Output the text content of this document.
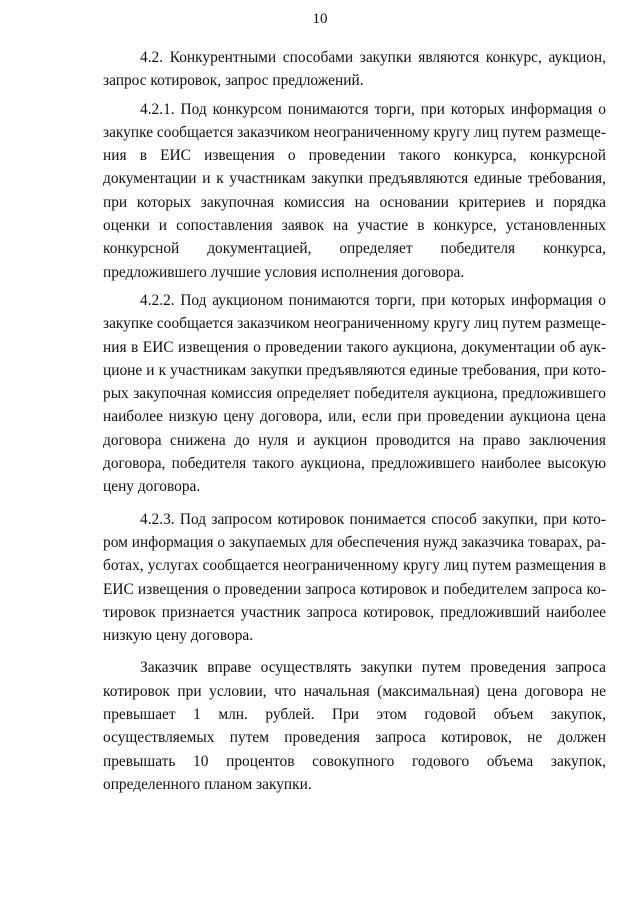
10

4.2. Конкурентными способами закупки являются конкурс, аукцион, запрос котировок, запрос предложений.

4.2.1. Под конкурсом понимаются торги, при которых информация о закупке сообщается заказчиком неограниченному кругу лиц путем размещения в ЕИС извещения о проведении такого конкурса, конкурсной документации и к участникам закупки предъявляются единые требования, при которых закупочная комиссия на основании критериев и порядка оценки и сопоставления заявок на участие в конкурсе, установленных конкурсной документацией, определяет победителя конкурса, предложившего лучшие условия исполнения договора.

4.2.2. Под аукционом понимаются торги, при которых информация о закупке сообщается заказчиком неограниченному кругу лиц путем размещения в ЕИС извещения о проведении такого аукциона, документации об аукционе и к участникам закупки предъявляются единые требования, при которых закупочная комиссия определяет победителя аукциона, предложившего наиболее низкую цену договора, или, если при проведении аукциона цена договора снижена до нуля и аукцион проводится на право заключения договора, победителя такого аукциона, предложившего наиболее высокую цену договора.

4.2.3. Под запросом котировок понимается способ закупки, при котором информация о закупаемых для обеспечения нужд заказчика товарах, работах, услугах сообщается неограниченному кругу лиц путем размещения в ЕИС извещения о проведении запроса котировок и победителем запроса котировок признается участник запроса котировок, предложивший наиболее низкую цену договора.

Заказчик вправе осуществлять закупки путем проведения запроса котировок при условии, что начальная (максимальная) цена договора не превышает 1 млн. рублей. При этом годовой объем закупок, осуществляемых путем проведения запроса котировок, не должен превышать 10 процентов совокупного годового объема закупок, определенного планом закупки.
